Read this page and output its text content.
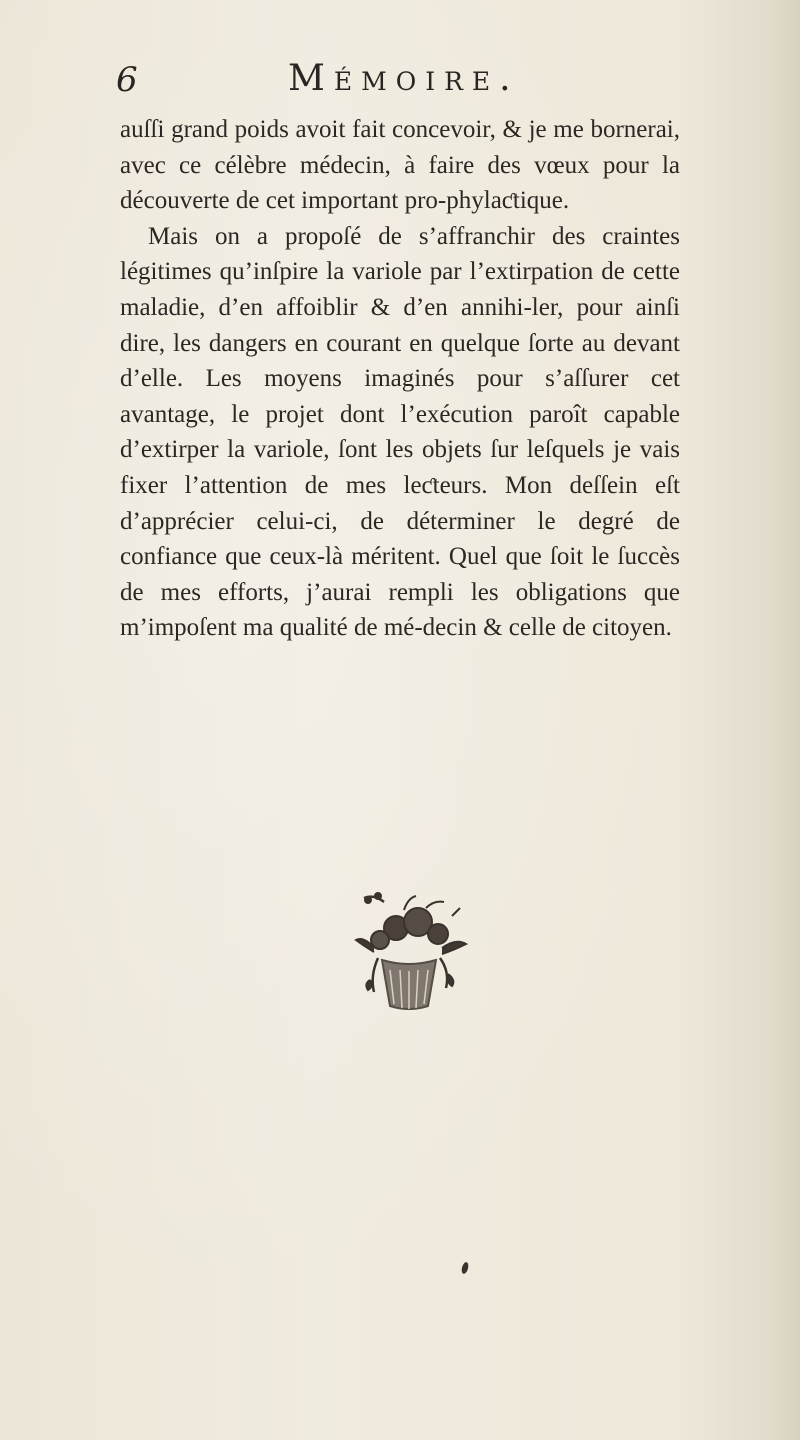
6	Mémoire.

auſſi grand poids avoit fait concevoir, & je me bornerai, avec ce célèbre médecin, à faire des vœux pour la découverte de cet important pro-phylaƈtique.

Mais on a propoſé de s’affranchir des craintes légitimes qu’inſpire la variole par l’extirpation de cette maladie, d’en affoiblir & d’en annihi-ler, pour ainſi dire, les dangers en courant en quelque ſorte au devant d’elle. Les moyens imaginés pour s’aſſurer cet avantage, le projet dont l’exécution paroît capable d’extirper la variole, ſont les objets ſur leſquels je vais fixer l’attention de mes leƈteurs. Mon deſſein eſt d’apprécier celui-ci, de déterminer le degré de confiance que ceux-là méritent. Quel que ſoit le ſuccès de mes efforts, j’aurai rempli les obligations que m’impoſent ma qualité de mé-decin & celle de citoyen.
